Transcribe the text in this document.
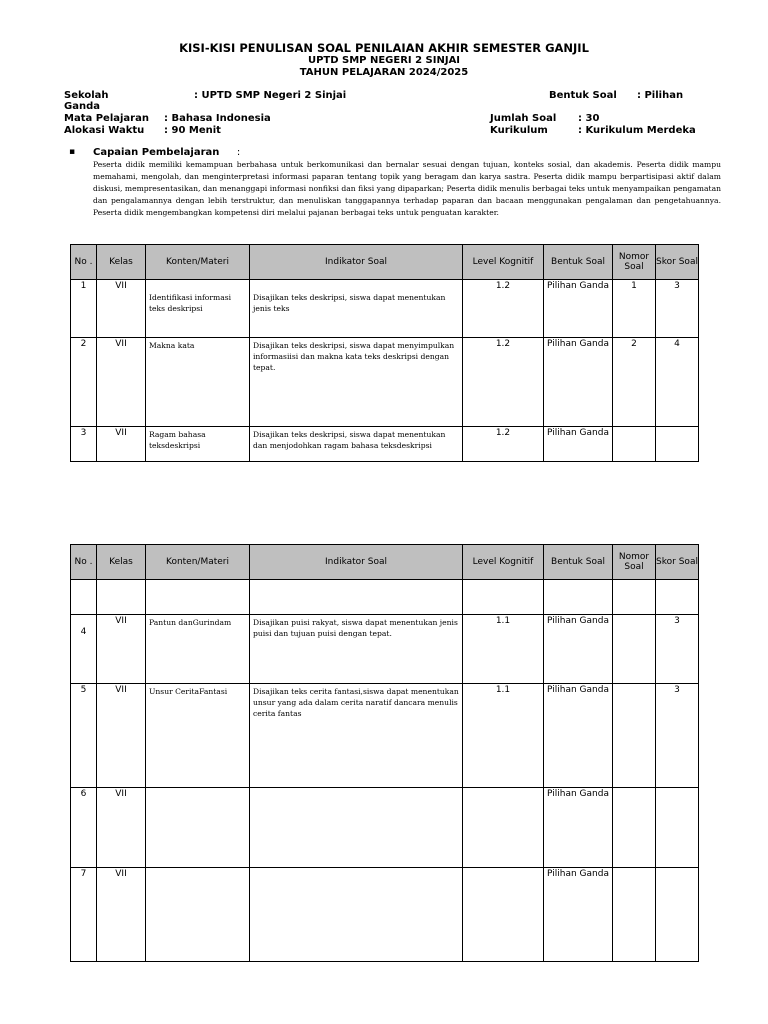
KISI-KISI PENULISAN SOAL PENILAIAN AKHIR SEMESTER GANJIL
UPTD SMP NEGERI 2 SINJAI
TAHUN PELAJARAN 2024/2025
Sekolah	: UPTD SMP Negeri 2 Sinjai	Bentuk Soal : Pilihan
Ganda
Mata Pelajaran : Bahasa Indonesia	Jumlah Soal : 30
Alokasi Waktu : 90 Menit	Kurikulum	: Kurikulum Merdeka
▪ Capaian Pembelajaran :
Peserta didik memiliki kemampuan berbahasa untuk berkomunikasi dan bernalar sesuai dengan tujuan, konteks sosial, dan akademis. Peserta didik mampu memahami, mengolah, dan menginterpretasi informasi paparan tentang topik yang beragam dan karya sastra. Peserta didik mampu berpartisipasi aktif dalam diskusi, mempresentasikan, dan menanggapi informasi nonfiksi dan fiksi yang dipaparkan; Peserta didik menulis berbagai teks untuk menyampaikan pengamatan dan pengalamannya dengan lebih terstruktur, dan menuliskan tanggapannya terhadap paparan dan bacaan menggunakan pengalaman dan pengetahuannya. Peserta didik mengembangkan kompetensi diri melalui pajanan berbagai teks untuk penguatan karakter.
No .	Kelas	Konten/Materi	Indikator Soal	Level Kognitif	Bentuk Soal	Nomor Soal	Skor Soal
1	VII	Identifikasi informasi teks deskripsi	Disajikan teks deskripsi, siswa dapat menentukan jenis teks	1.2	Pilihan Ganda	1	3
2	VII	Makna kata	Disajikan teks deskripsi, siswa dapat menyimpulkan informasiisi dan makna kata teks deskripsi dengan tepat.	1.2	Pilihan Ganda	2	4
3	VII	Ragam bahasa teksdeskripsi	Disajikan teks deskripsi, siswa dapat menentukan dan menjodohkan ragam bahasa teksdeskripsi	1.2	Pilihan Ganda		
No .	Kelas	Konten/Materi	Indikator Soal	Level Kognitif	Bentuk Soal	Nomor Soal	Skor Soal

4	VII	Pantun danGurindam	Disajikan puisi rakyat, siswa dapat menentukan jenis puisi dan tujuan puisi dengan tepat.	1.1	Pilihan Ganda		3
5	VII	Unsur CeritaFantasi	Disajikan teks cerita fantasi,siswa dapat menentukan unsur yang ada dalam cerita naratif dancara menulis cerita fantas	1.1	Pilihan Ganda		3
6	VII				Pilihan Ganda		
7	VII				Pilihan Ganda		
